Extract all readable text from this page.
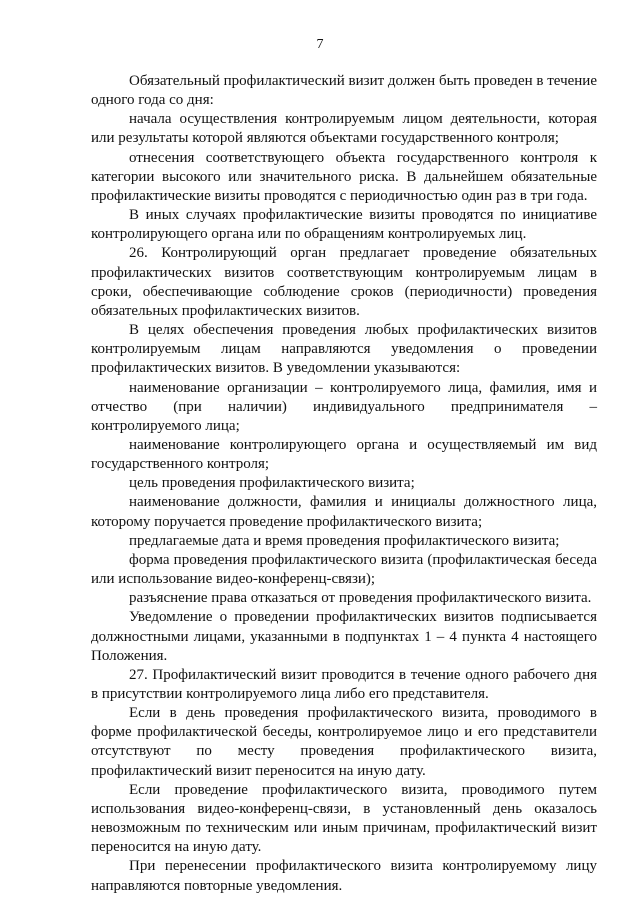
7

Обязательный профилактический визит должен быть проведен в течение одного года со дня:

начала осуществления контролируемым лицом деятельности, которая или результаты которой являются объектами государственного контроля;

отнесения соответствующего объекта государственного контроля к категории высокого или значительного риска. В дальнейшем обязательные профилактические визиты проводятся с периодичностью один раз в три года.

В иных случаях профилактические визиты проводятся по инициативе контролирующего органа или по обращениям контролируемых лиц.

26. Контролирующий орган предлагает проведение обязательных профилактических визитов соответствующим контролируемым лицам в сроки, обеспечивающие соблюдение сроков (периодичности) проведения обязательных профилактических визитов.

В целях обеспечения проведения любых профилактических визитов контролируемым лицам направляются уведомления о проведении профилактических визитов. В уведомлении указываются:

наименование организации – контролируемого лица, фамилия, имя и отчество (при наличии) индивидуального предпринимателя – контролируемого лица;

наименование контролирующего органа и осуществляемый им вид государственного контроля;

цель проведения профилактического визита;

наименование должности, фамилия и инициалы должностного лица, которому поручается проведение профилактического визита;

предлагаемые дата и время проведения профилактического визита;

форма проведения профилактического визита (профилактическая беседа или использование видео-конференц-связи);

разъяснение права отказаться от проведения профилактического визита.

Уведомление о проведении профилактических визитов подписывается должностными лицами, указанными в подпунктах 1 – 4 пункта 4 настоящего Положения.

27. Профилактический визит проводится в течение одного рабочего дня в присутствии контролируемого лица либо его представителя.

Если в день проведения профилактического визита, проводимого в форме профилактической беседы, контролируемое лицо и его представители отсутствуют по месту проведения профилактического визита, профилактический визит переносится на иную дату.

Если проведение профилактического визита, проводимого путем использования видео-конференц-связи, в установленный день оказалось невозможным по техническим или иным причинам, профилактический визит переносится на иную дату.

При перенесении профилактического визита контролируемому лицу направляются повторные уведомления.
